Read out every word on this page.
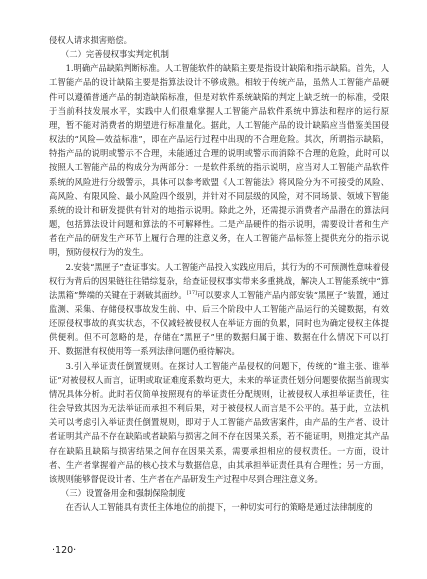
侵权人请求损害赔偿。

（二）完善侵权事实判定机制

1.明确产品缺陷判断标准。人工智能软件的缺陷主要是指设计缺陷和指示缺陷。首先，人工智能产品的设计缺陷主要是指算法设计不够成熟。相较于传统产品，虽然人工智能产品硬件可以遵循普通产品的制造缺陷标准，但是对软件系统缺陷的判定上缺乏统一的标准，受限于当前科技发展水平，实践中人们很难掌握人工智能产品软件系统中算法和程序的运行原理，暂不能对消费者的期望进行标准量化。据此，人工智能产品的设计缺陷应当借鉴美国侵权法的“风险—效益标准”，即在产品运行过程中出现的不合理危险。其次，所谓指示缺陷，特指产品的说明或警示不合理，未能通过合理的说明或警示而消除不合理的危险，此时可以按照人工智能产品的构成分为两部分：一是软件系统的指示说明，应当对人工智能产品软件系统的风险进行分级警示，具体可以参考欧盟《人工智能法》将风险分为不可接受的风险、高风险、有限风险、最小风险四个级别，并针对不同层级的风险，对不同场景、领域下智能系统的设计和研发提供有针对的地指示说明。除此之外，还需提示消费者产品潜在的算法问题，包括算法设计问题和算法的不可解释性。二是产品硬件的指示说明，需要设计者和生产者在产品的研发生产环节上履行合理的注意义务，在人工智能产品标签上提供充分的指示说明，预防侵权行为的发生。

2.安装“黑匣子”查证事实。人工智能产品投入实践应用后，其行为的不可预测性意味着侵权行为背后的因果链往往错综复杂，给查证侵权事实带来多重挑战，解决人工智能系统中“算法黑箱”弊端的关键在于剥破其面纱。[17]可以要求人工智能产品内部安装“黑匣子”装置，通过监测、采集、存储侵权事故发生前、中、后三个阶段中人工智能产品运行的关键数据，有效还原侵权事故的真实状态，不仅减轻被侵权人在举证方面的负累，同时也为确定侵权主体提供便利。但不可忽略的是，存储在“黑匣子”里的数据归属于谁、数据在什么情况下可以打开、数据泄有权使用等一系列法律问题仍亟待解决。

3.引入举证责任倒置规则。在探讨人工智能产品侵权的问题下，传统的“谁主张、谁举证”对被侵权人而言，证明或取证难度系数均更大，未来的举证责任划分问题要依据当前现实情况具体分析。此时若仅简单按照现有的举证责任分配规则，让被侵权人承担举证责任，往往会导致其因为无法举证而承担不利后果，对于被侵权人而言是不公平的。基于此，立法机关可以考虑引入举证责任倒置规则，即对于人工智能产品致害案件，由产品的生产者、设计者证明其产品不存在缺陷或者缺陷与损害之间不存在因果关系，若不能证明，则推定其产品存在缺陷且缺陷与损害结果之间存在因果关系，需要承担相应的侵权责任。一方面，设计者、生产者掌握着产品的核心技术与数据信息，由其承担举证责任具有合理性；另一方面，该规则能够督促设计者、生产者在产品研发生产过程中尽到合理注意义务。

（三）设置备用金和强制保险制度

在否认人工智能具有责任主体地位的前提下，一种切实可行的策略是通过法律制度的

·120·
